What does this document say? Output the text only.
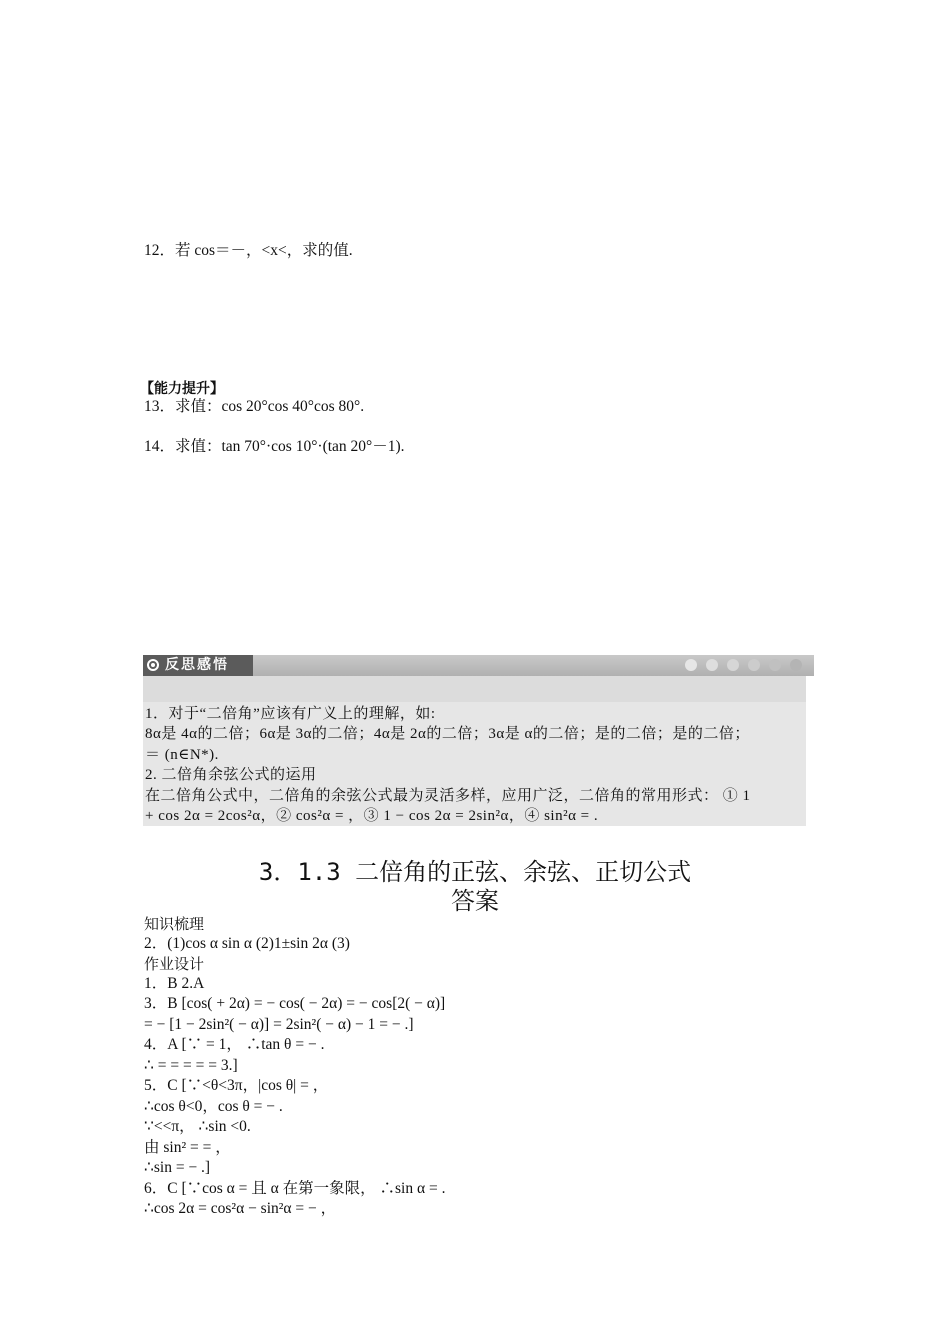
12．若 cos＝－，<x<，求的值.
【能力提升】
13．求值：cos 20°cos 40°cos 80°.
14．求值：tan 70°·cos 10°·(tan 20°－1).
反思感悟
1．对于“二倍角”应该有广义上的理解，如:
8α是 4α的二倍；6α是 3α的二倍；4α是 2α的二倍；3α是 α的二倍；是的二倍；是的二倍；
＝ (n∈N*).
2. 二倍角余弦公式的运用
在二倍角公式中，二倍角的余弦公式最为灵活多样，应用广泛，二倍角的常用形式： ① 1
+ cos 2α = 2cos²α，② cos²α = ，③ 1 − cos 2α = 2sin²α，④ sin²α = .
3．1.3 二倍角的正弦、余弦、正切公式
答案
知识梳理
2．(1)cos α sin α (2)1±sin 2α (3)
作业设计
1．B 2.A
3．B [cos( + 2α) = − cos( − 2α) = − cos[2( − α)]
= − [1 − 2sin²( − α)] = 2sin²( − α) − 1 = − .]
4．A [∵ = 1， ∴tan θ = − .
∴ = = = = = 3.]
5．C [∵<θ<3π，|cos θ| = ，
∴cos θ<0，cos θ = − .
∵<<π， ∴sin <0.
由 sin² = = ，
∴sin = − .]
6．C [∵cos α = 且 α 在第一象限， ∴sin α = .
∴cos 2α = cos²α − sin²α = − ，
